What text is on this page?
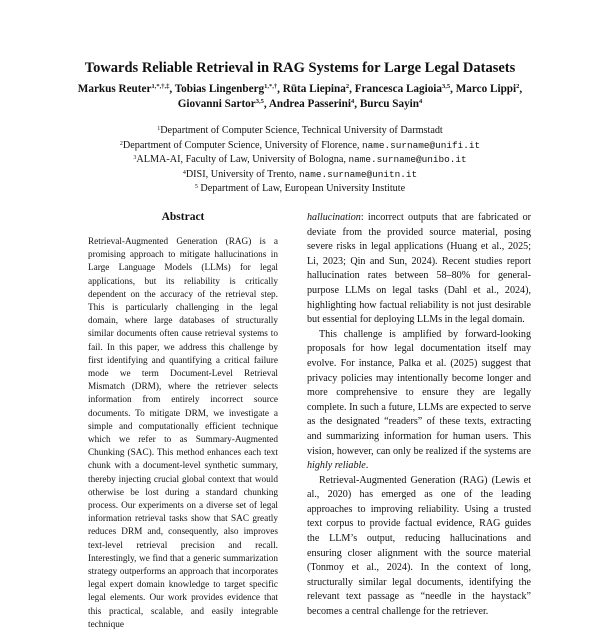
Towards Reliable Retrieval in RAG Systems for Large Legal Datasets
Markus Reuter$^{1,*,\dagger,\ddagger}$, Tobias Lingenberg$^{1,*,\dagger}$, Rūta Liepina$^2$, Francesca Lagioia$^{3,5}$, Marco Lippi$^2$, Giovanni Sartor$^{3,5}$, Andrea Passerini$^4$, Burcu Sayin$^4$
$^1$Department of Computer Science, Technical University of Darmstadt
$^2$Department of Computer Science, University of Florence, name.surname@unifi.it
$^3$ALMA-AI, Faculty of Law, University of Bologna, name.surname@unibo.it
$^4$DISI, University of Trento, name.surname@unitn.it
$^5$ Department of Law, European University Institute
Abstract

Retrieval-Augmented Generation (RAG) is a promising approach to mitigate hallucinations in Large Language Models (LLMs) for legal applications, but its reliability is critically dependent on the accuracy of the retrieval step. This is particularly challenging in the legal domain, where large databases of structurally similar documents often cause retrieval systems to fail. In this paper, we address this challenge by first identifying and quantifying a critical failure mode we term Document-Level Retrieval Mismatch (DRM), where the retriever selects information from entirely incorrect source documents. To mitigate DRM, we investigate a simple and computationally efficient technique which we refer to as Summary-Augmented Chunking (SAC). This method enhances each text chunk with a document-level synthetic summary, thereby injecting crucial global context that would otherwise be lost during a standard chunking process. Our experiments on a diverse set of legal information retrieval tasks show that SAC greatly reduces DRM and, consequently, also improves text-level retrieval precision and recall. Interestingly, we find that a generic summarization strategy outperforms an approach that incorporates legal expert domain knowledge to target specific legal elements. Our work provides evidence that this practical, scalable, and easily integrable technique

hallucination: incorrect outputs that are fabricated or deviate from the provided source material, posing severe risks in legal applications (Huang et al., 2025; Li, 2023; Qin and Sun, 2024). Recent studies report hallucination rates between 58–80% for general-purpose LLMs on legal tasks (Dahl et al., 2024), highlighting how factual reliability is not just desirable but essential for deploying LLMs in the legal domain.

This challenge is amplified by forward-looking proposals for how legal documentation itself may evolve. For instance, Palka et al. (2025) suggest that privacy policies may intentionally become longer and more comprehensive to ensure they are legally complete. In such a future, LLMs are expected to serve as the designated “readers” of these texts, extracting and summarizing information for human users. This vision, however, can only be realized if the systems are highly reliable.

Retrieval-Augmented Generation (RAG) (Lewis et al., 2020) has emerged as one of the leading approaches to improving reliability. Using a trusted text corpus to provide factual evidence, RAG guides the LLM’s output, reducing hallucinations and ensuring closer alignment with the source material (Tonmoy et al., 2024). In the context of long, structurally similar legal documents, identifying the relevant text passage as “needle in the haystack” becomes a central challenge for the retriever.
